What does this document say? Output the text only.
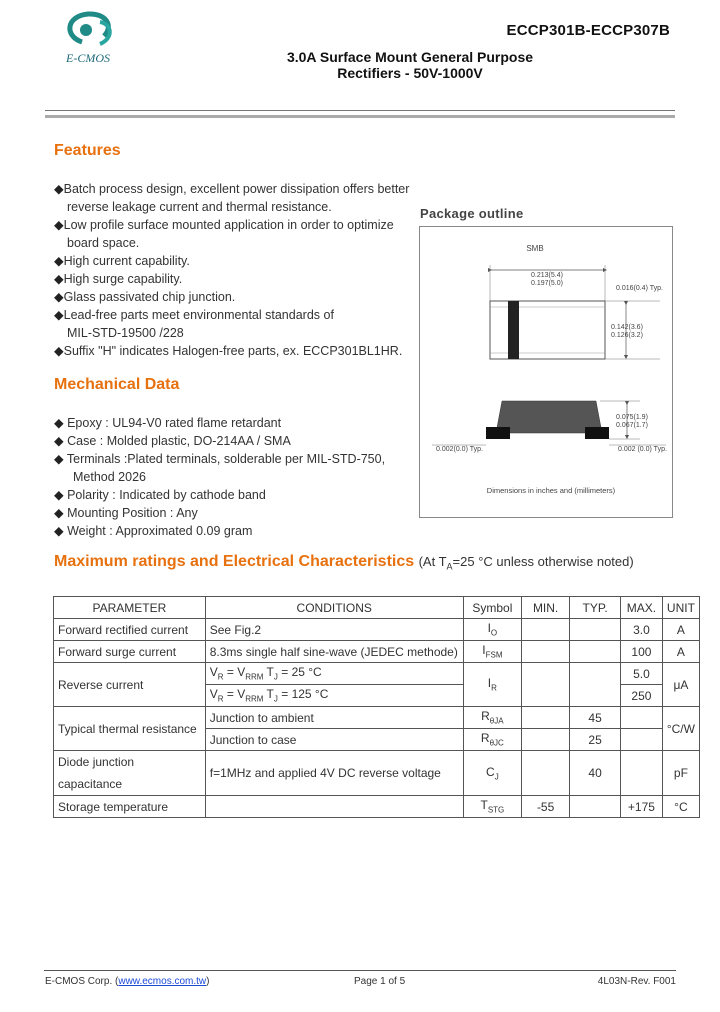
E-CMOS
ECCP301B-ECCP307B
3.0A Surface Mount General Purpose
Rectifiers - 50V-1000V
Features
◆Batch process design, excellent power dissipation offers better
reverse leakage current and thermal resistance.
◆Low profile surface mounted application in order to optimize
board space.
◆High current capability.
◆High surge capability.
◆Glass passivated chip junction.
◆Lead-free parts meet environmental standards of
MIL-STD-19500 /228
◆Suffix "H" indicates Halogen-free parts, ex. ECCP301BL1HR.
Package outline
SMB
0.213(5.4)
0.197(5.0)
0.016(0.4) Typ.
0.142(3.6)
0.126(3.2)
0.075(1.9)
0.067(1.7)
0.002(0.0) Typ.	0.002 (0.0) Typ.
Dimensions in inches and (millimeters)
Mechanical Data
◆ Epoxy : UL94-V0 rated flame retardant
◆ Case : Molded plastic, DO-214AA / SMA
◆ Terminals :Plated terminals, solderable per MIL-STD-750,
Method 2026
◆ Polarity : Indicated by cathode band
◆ Mounting Position : Any
◆ Weight : Approximated 0.09 gram
Maximum ratings and Electrical Characteristics (At $T_A=25$ °C unless otherwise noted)
PARAMETER	CONDITIONS	Symbol	MIN.	TYP.	MAX.	UNIT
Forward rectified current	See Fig.2	$I_O$			3.0	A
Forward surge current	8.3ms single half sine-wave (JEDEC methode)	$I_{FSM}$			100	A
Reverse current	$V_R = V_{RRM}$ $T_J = 25$ °C	$I_R$			5.0	μA
	$V_R = V_{RRM}$ $T_J = 125$ °C				250	
Typical thermal resistance	Junction to ambient	$R_{\theta JA}$		45		°C/W
	Junction to case	$R_{\theta JC}$		25		

Diode junction
capacitance	f=1MHz and applied 4V DC reverse voltage	$C_J$		40		pF
Storage temperature		$T_{STG}$	-55		+175	°C
E-CMOS Corp. (www.ecmos.com.tw)	Page 1 of 5	4L03N-Rev. F001
